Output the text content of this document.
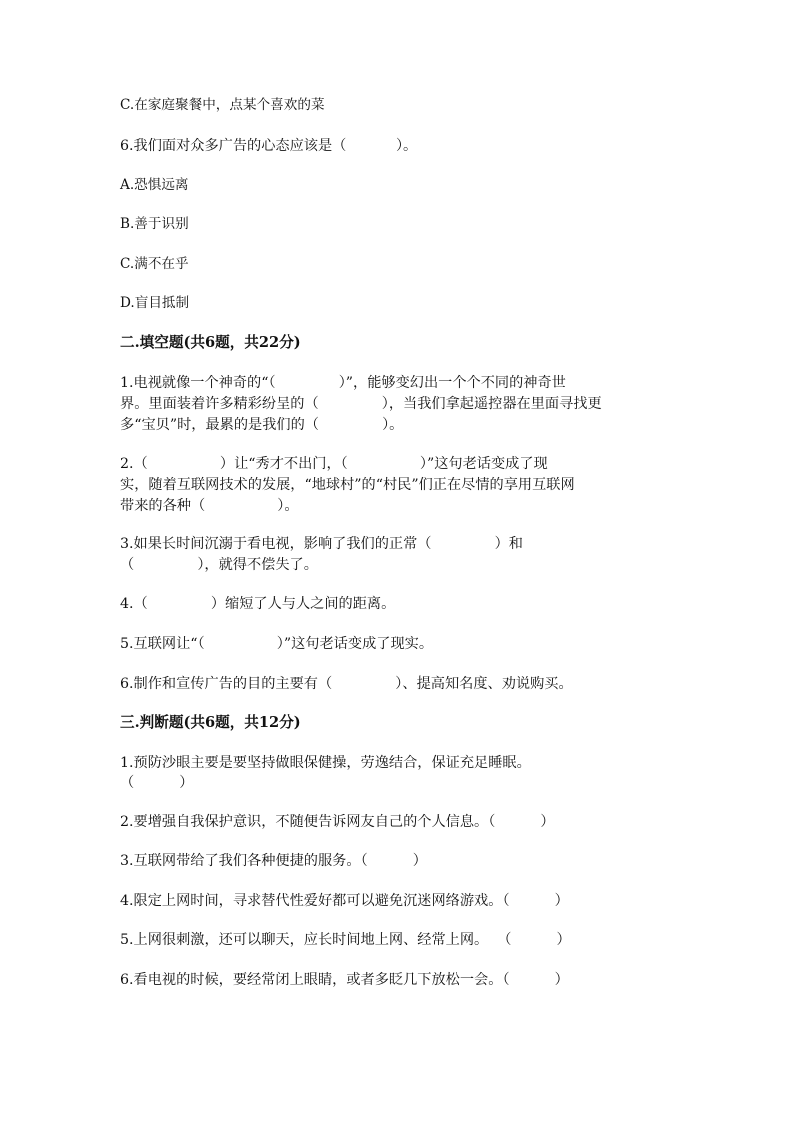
C.在家庭聚餐中，点某个喜欢的菜
6.我们面对众多广告的心态应该是（           ）。
A.恐惧远离
B.善于识别
C.满不在乎
D.盲目抵制
二.填空题(共6题，共22分)
1.电视就像一个神奇的“（              ）”，能够变幻出一个个不同的神奇世
界。里面装着许多精彩纷呈的（              ），当我们拿起遥控器在里面寻找更
多“宝贝”时，最累的是我们的（              ）。
2.（                ）让“秀才不出门，（                ）”这句老话变成了现
实，随着互联网技术的发展，“地球村”的“村民”们正在尽情的享用互联网
带来的各种（                ）。
3.如果长时间沉溺于看电视，影响了我们的正常（              ）和
（              ），就得不偿失了。
4.（              ）缩短了人与人之间的距离。
5.互联网让“（                ）”这句老话变成了现实。
6.制作和宣传广告的目的主要有（              ）、提高知名度、劝说购买。
三.判断题(共6题，共12分)
1.预防沙眼主要是要坚持做眼保健操，劳逸结合，保证充足睡眠。
（          ）
2.要增强自我保护意识，不随便告诉网友自己的个人信息。（          ）
3.互联网带给了我们各种便捷的服务。（          ）
4.限定上网时间，寻求替代性爱好都可以避免沉迷网络游戏。（          ）
5.上网很刺激，还可以聊天，应长时间地上网、经常上网。  （          ）
6.看电视的时候，要经常闭上眼睛，或者多眨几下放松一会。（          ）
